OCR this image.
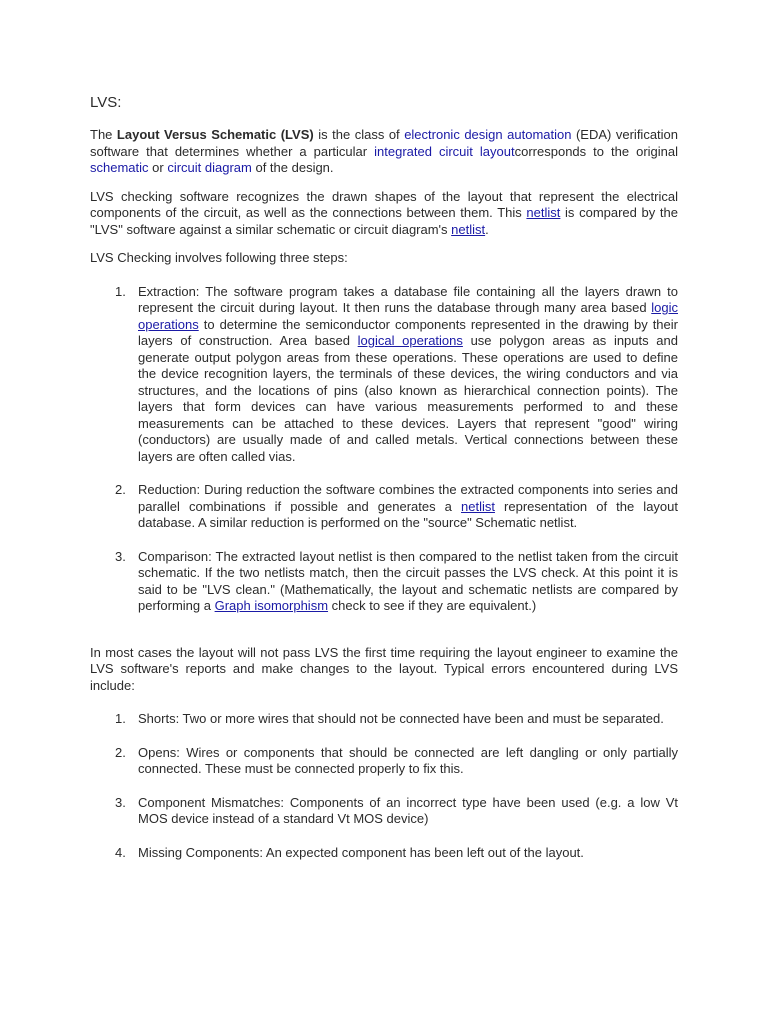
LVS:

The Layout Versus Schematic (LVS) is the class of electronic design automation (EDA) verification software that determines whether a particular integrated circuit layoutcorresponds to the original schematic or circuit diagram of the design.

LVS checking software recognizes the drawn shapes of the layout that represent the electrical components of the circuit, as well as the connections between them. This netlist is compared by the "LVS" software against a similar schematic or circuit diagram's netlist.

LVS Checking involves following three steps:

1. Extraction: The software program takes a database file containing all the layers drawn to represent the circuit during layout. It then runs the database through many area based logic operations to determine the semiconductor components represented in the drawing by their layers of construction. Area based logical operations use polygon areas as inputs and generate output polygon areas from these operations. These operations are used to define the device recognition layers, the terminals of these devices, the wiring conductors and via structures, and the locations of pins (also known as hierarchical connection points). The layers that form devices can have various measurements performed to and these measurements can be attached to these devices. Layers that represent "good" wiring (conductors) are usually made of and called metals. Vertical connections between these layers are often called vias.
2. Reduction: During reduction the software combines the extracted components into series and parallel combinations if possible and generates a netlist representation of the layout database. A similar reduction is performed on the "source" Schematic netlist.
3. Comparison: The extracted layout netlist is then compared to the netlist taken from the circuit schematic. If the two netlists match, then the circuit passes the LVS check. At this point it is said to be "LVS clean." (Mathematically, the layout and schematic netlists are compared by performing a Graph isomorphism check to see if they are equivalent.)

In most cases the layout will not pass LVS the first time requiring the layout engineer to examine the LVS software's reports and make changes to the layout. Typical errors encountered during LVS include:

1. Shorts: Two or more wires that should not be connected have been and must be separated.
2. Opens: Wires or components that should be connected are left dangling or only partially connected. These must be connected properly to fix this.
3. Component Mismatches: Components of an incorrect type have been used (e.g. a low Vt MOS device instead of a standard Vt MOS device)
4. Missing Components: An expected component has been left out of the layout.
